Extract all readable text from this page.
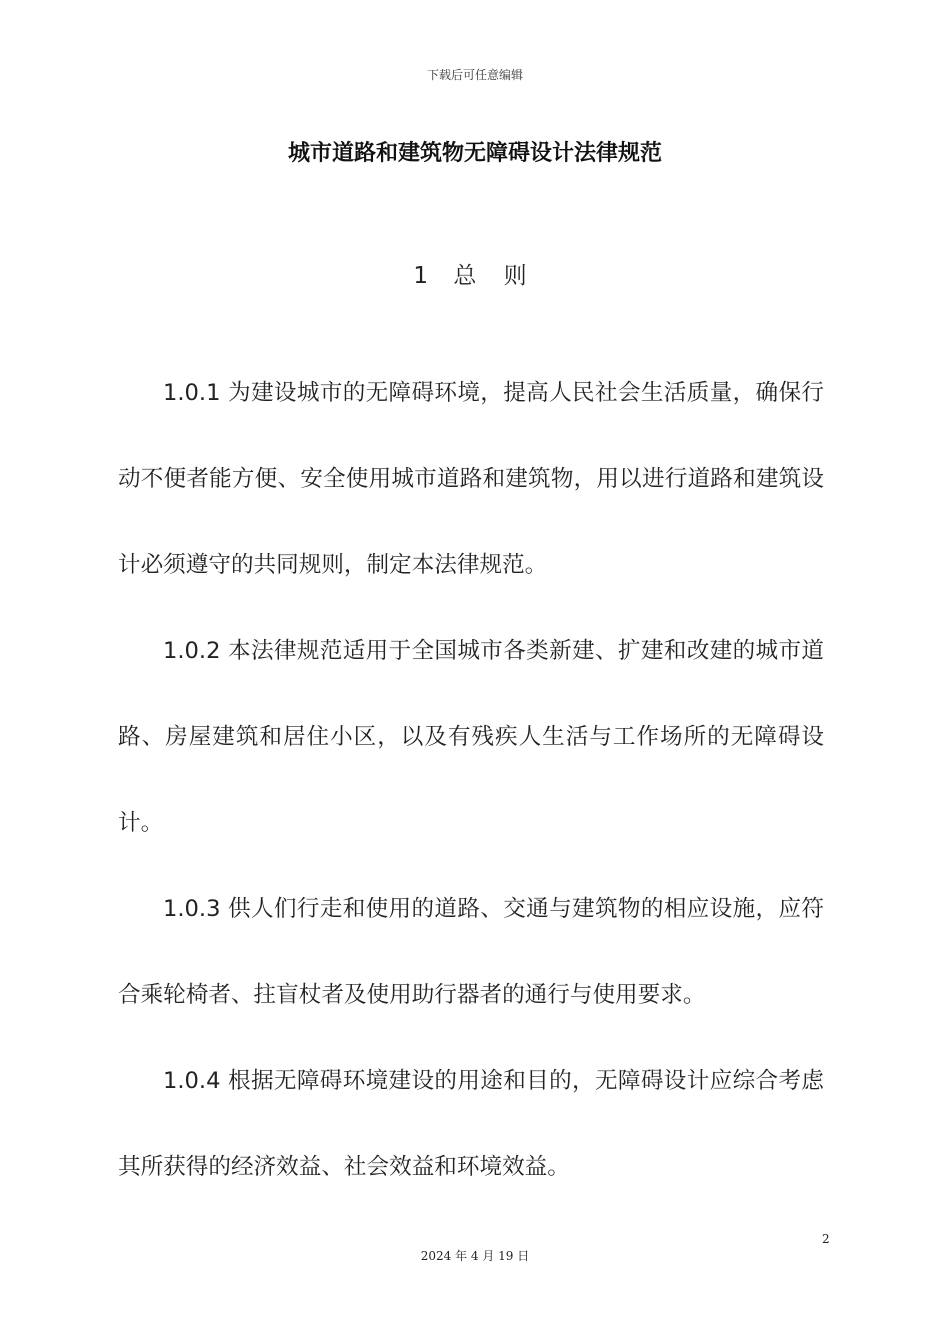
下载后可任意编辑
城市道路和建筑物无障碍设计法律规范
1 总 则

1.0.1 为建设城市的无障碍环境，提高人民社会生活质量，确保行动不便者能方便、安全使用城市道路和建筑物，用以进行道路和建筑设计必须遵守的共同规则，制定本法律规范。

1.0.2 本法律规范适用于全国城市各类新建、扩建和改建的城市道路、房屋建筑和居住小区，以及有残疾人生活与工作场所的无障碍设计。

1.0.3 供人们行走和使用的道路、交通与建筑物的相应设施，应符合乘轮椅者、拄盲杖者及使用助行器者的通行与使用要求。

1.0.4 根据无障碍环境建设的用途和目的，无障碍设计应综合考虑其所获得的经济效益、社会效益和环境效益。

2
2024 年 4 月 19 日
